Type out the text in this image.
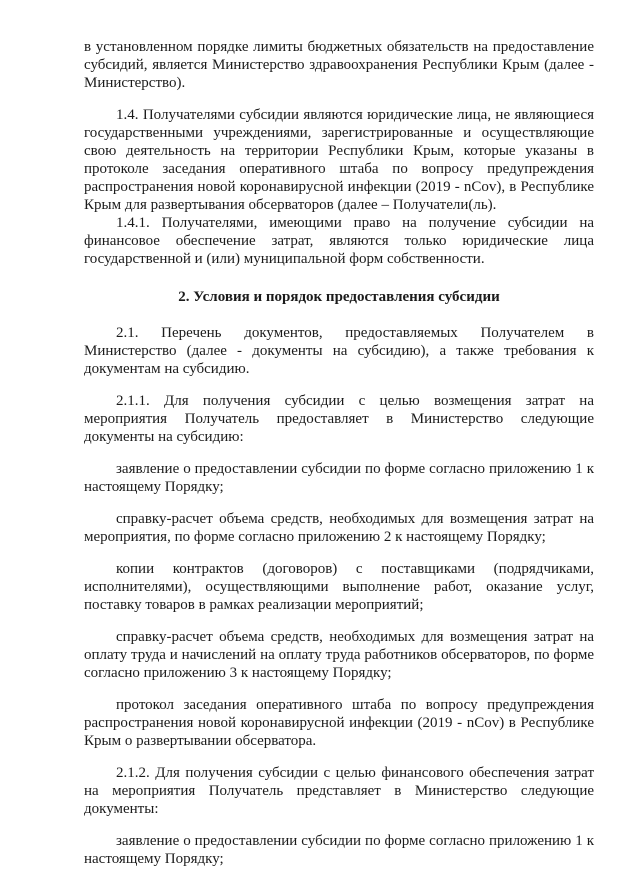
в установленном порядке лимиты бюджетных обязательств на предоставление субсидий, является Министерство здравоохранения Республики Крым (далее - Министерство).

1.4. Получателями субсидии являются юридические лица, не являющиеся государственными учреждениями, зарегистрированные и осуществляющие свою деятельность на территории Республики Крым, которые указаны в протоколе заседания оперативного штаба по вопросу предупреждения распространения новой коронавирусной инфекции (2019 - nCov), в Республике Крым для развертывания обсерваторов (далее – Получатели(ль).

1.4.1. Получателями, имеющими право на получение субсидии на финансовое обеспечение затрат, являются только юридические лица государственной и (или) муниципальной форм собственности.

2. Условия и порядок предоставления субсидии

2.1. Перечень документов, предоставляемых Получателем в Министерство (далее - документы на субсидию), а также требования к документам на субсидию.

2.1.1. Для получения субсидии с целью возмещения затрат на мероприятия Получатель предоставляет в Министерство следующие документы на субсидию:

заявление о предоставлении субсидии по форме согласно приложению 1 к настоящему Порядку;

справку-расчет объема средств, необходимых для возмещения затрат на мероприятия, по форме согласно приложению 2 к настоящему Порядку;

копии контрактов (договоров) с поставщиками (подрядчиками, исполнителями), осуществляющими выполнение работ, оказание услуг, поставку товаров в рамках реализации мероприятий;

справку-расчет объема средств, необходимых для возмещения затрат на оплату труда и начислений на оплату труда работников обсерваторов, по форме согласно приложению 3 к настоящему Порядку;

протокол заседания оперативного штаба по вопросу предупреждения распространения новой коронавирусной инфекции (2019 - nCov) в Республике Крым о развертывании обсерватора.

2.1.2. Для получения субсидии с целью финансового обеспечения затрат на мероприятия Получатель представляет в Министерство следующие документы:

заявление о предоставлении субсидии по форме согласно приложению 1 к настоящему Порядку;
